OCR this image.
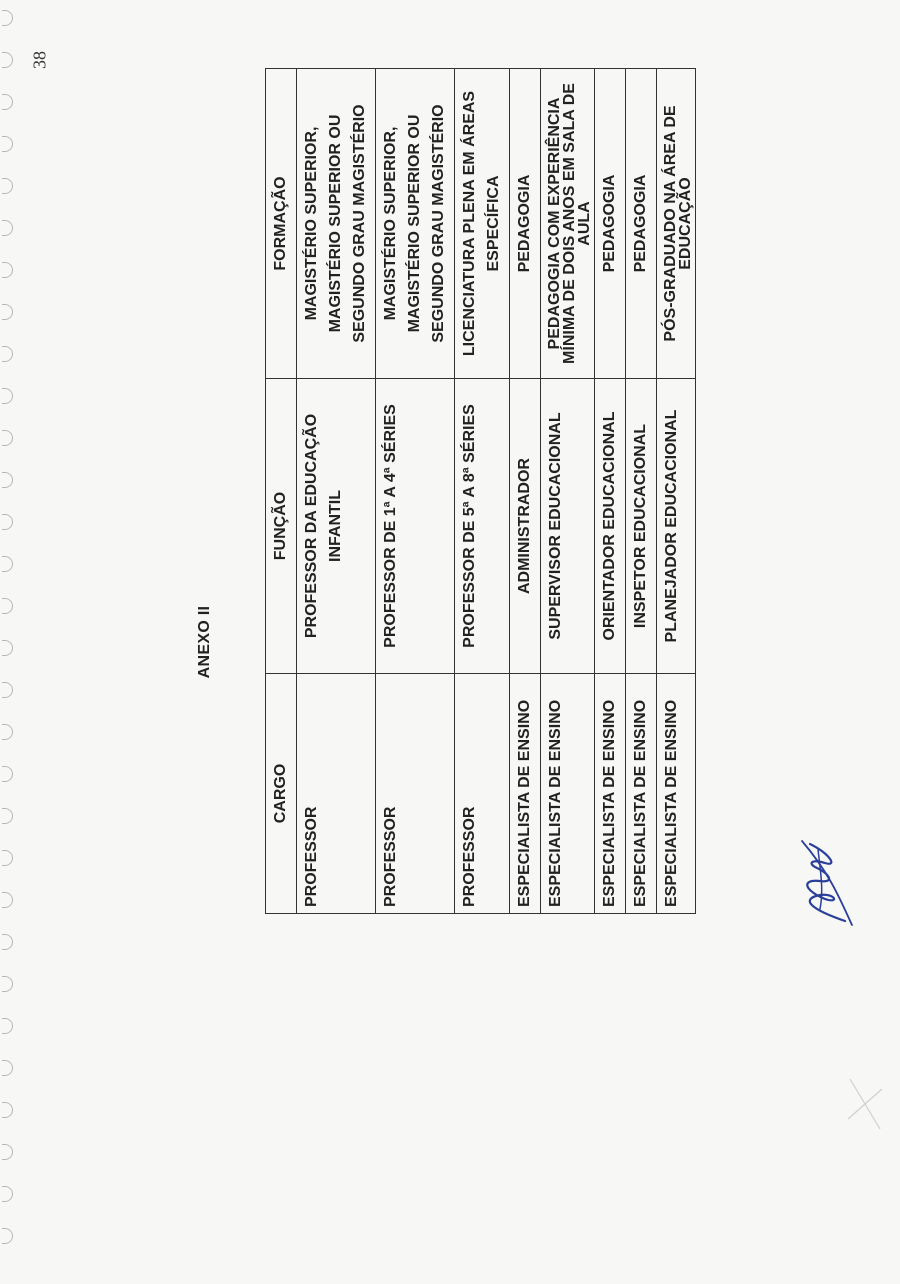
38
ANEXO II
CARGO	FUNÇÃO	FORMAÇÃO
PROFESSOR	PROFESSOR DA EDUCAÇÃO INFANTIL	MAGISTÉRIO SUPERIOR, MAGISTÉRIO SUPERIOR OU SEGUNDO GRAU MAGISTÉRIO

PROFESSOR	PROFESSOR DE 1ª A 4ª SÉRIES	MAGISTÉRIO SUPERIOR, MAGISTÉRIO SUPERIOR OU SEGUNDO GRAU MAGISTÉRIO

PROFESSOR	PROFESSOR DE 5ª A 8ª SÉRIES	LICENCIATURA PLENA EM ÁREAS ESPECÍFICA

ESPECIALISTA DE ENSINO	ADMINISTRADOR	PEDAGOGIA

ESPECIALISTA DE ENSINO	SUPERVISOR EDUCACIONAL	PEDAGOGIA COM EXPERIÊNCIA
MÍNIMA DE DOIS ANOS EM SALA DE
AULA

ESPECIALISTA DE ENSINO	ORIENTADOR EDUCACIONAL	PEDAGOGIA

ESPECIALISTA DE ENSINO	INSPETOR EDUCACIONAL	PEDAGOGIA

ESPECIALISTA DE ENSINO	PLANEJADOR EDUCACIONAL	PÓS-GRADUADO NA ÁREA DE
EDUCAÇÃO
